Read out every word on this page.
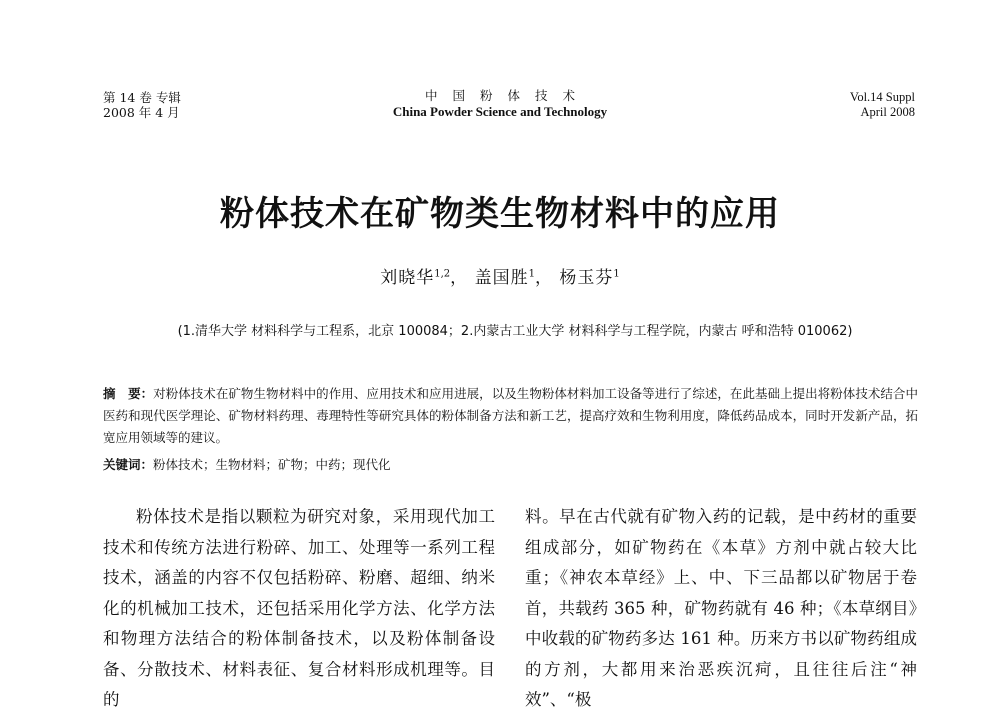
第 14 卷 专辑
2008 年 4 月
中国粉体技术
China Powder Science and Technology
Vol.14 Suppl
April 2008
粉体技术在矿物类生物材料中的应用
刘晓华$^{1,2}$， 盖国胜$^1$， 杨玉芬$^1$
(1.清华大学 材料科学与工程系，北京 100084；2.内蒙古工业大学 材料科学与工程学院，内蒙古 呼和浩特 010062)
摘　要：对粉体技术在矿物生物材料中的作用、应用技术和应用进展，以及生物粉体材料加工设备等进行了综述，在此基础上提出将粉体技术结合中医药和现代医学理论、矿物材料药理、毒理特性等研究具体的粉体制备方法和新工艺，提高疗效和生物利用度，降低药品成本，同时开发新产品，拓宽应用领域等的建议。
关键词：粉体技术；生物材料；矿物；中药；现代化

粉体技术是指以颗粒为研究对象，采用现代加工技术和传统方法进行粉碎、加工、处理等一系列工程技术，涵盖的内容不仅包括粉碎、粉磨、超细、纳米化的机械加工技术，还包括采用化学方法、化学方法和物理方法结合的粉体制备技术，以及粉体制备设备、分散技术、材料表征、复合材料形成机理等。目的

料。早在古代就有矿物入药的记载，是中药材的重要组成部分，如矿物药在《本草》方剂中就占较大比重；《神农本草经》上、中、下三品都以矿物居于卷首，共载药 365 种，矿物药就有 46 种；《本草纲目》中收载的矿物药多达 161 种。历来方书以矿物药组成的方剂，大都用来治恶疾沉疴，且往往后注“神效”、“极
